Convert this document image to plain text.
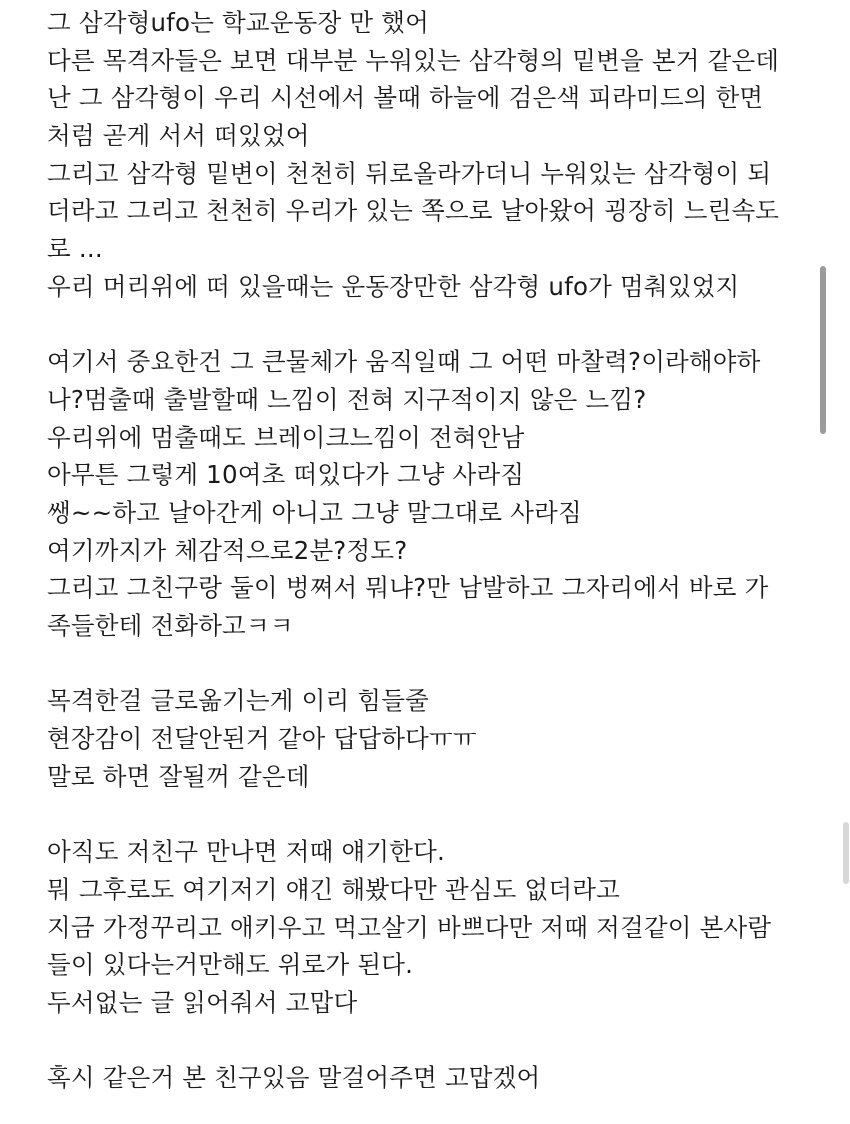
그 삼각형ufo는 학교운동장 만 했어
다른 목격자들은 보면 대부분 누워있는 삼각형의 밑변을 본거 같은데
난 그 삼각형이 우리 시선에서 볼때 하늘에 검은색 피라미드의 한면
처럼 곧게 서서 떠있었어
그리고 삼각형 밑변이 천천히 뒤로올라가더니 누워있는 삼각형이 되
더라고 그리고 천천히 우리가 있는 쪽으로 날아왔어 굉장히 느린속도
로 ...
우리 머리위에 떠 있을때는 운동장만한 삼각형 ufo가 멈춰있었지
여기서 중요한건 그 큰물체가 움직일때 그 어떤 마찰력?이라해야하
나?멈출때 출발할때 느낌이 전혀 지구적이지 않은 느낌?
우리위에 멈출때도 브레이크느낌이 전혀안남
아무튼 그렇게 10여초 떠있다가 그냥 사라짐
쌩~~하고 날아간게 아니고 그냥 말그대로 사라짐
여기까지가 체감적으로2분?정도?
그리고 그친구랑 둘이 벙쪄서 뭐냐?만 남발하고 그자리에서 바로 가
족들한테 전화하고ㅋㅋ
목격한걸 글로옮기는게 이리 힘들줄
현장감이 전달안된거 같아 답답하다ㅠㅠ
말로 하면 잘될꺼 같은데
아직도 저친구 만나면 저때 얘기한다.
뭐 그후로도 여기저기 얘긴 해봤다만 관심도 없더라고
지금 가정꾸리고 애키우고 먹고살기 바쁘다만 저때 저걸같이 본사람
들이 있다는거만해도 위로가 된다.
두서없는 글 읽어줘서 고맙다
혹시 같은거 본 친구있음 말걸어주면 고맙겠어
